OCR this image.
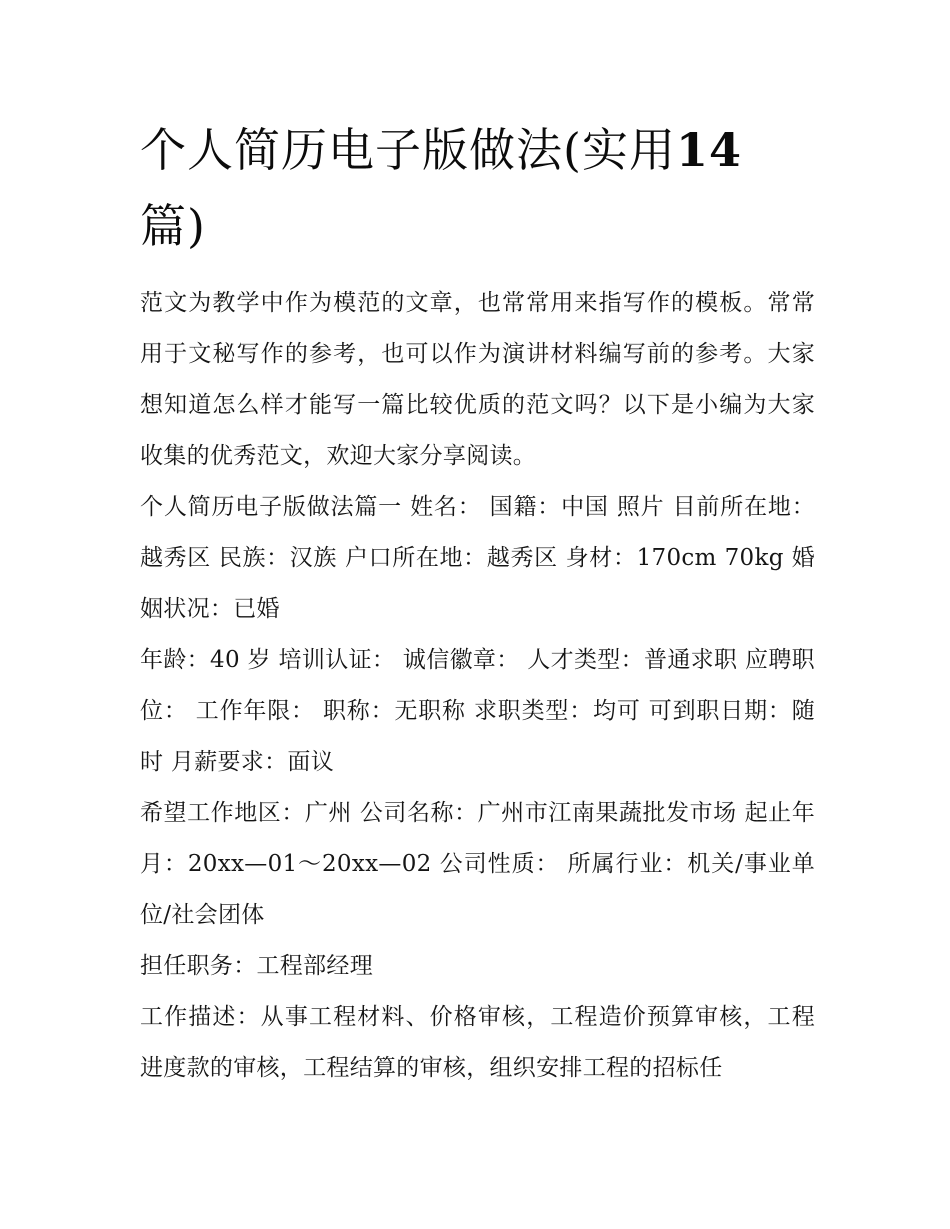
个人简历电子版做法(实用14
篇)

范文为教学中作为模范的文章，也常常用来指写作的模板。常常用于文秘写作的参考，也可以作为演讲材料编写前的参考。大家想知道怎么样才能写一篇比较优质的范文吗？以下是小编为大家收集的优秀范文，欢迎大家分享阅读。

个人简历电子版做法篇一 姓名： 国籍：中国 照片 目前所在地：越秀区 民族：汉族 户口所在地：越秀区 身材：170cm 70kg 婚姻状况：已婚

年龄：40 岁 培训认证： 诚信徽章： 人才类型：普通求职 应聘职位： 工作年限： 职称：无职称 求职类型：均可 可到职日期：随时 月薪要求：面议

希望工作地区：广州 公司名称：广州市江南果蔬批发市场 起止年月：20xx—01～20xx—02 公司性质： 所属行业：机关/事业单位/社会团体

担任职务：工程部经理

工作描述：从事工程材料、价格审核，工程造价预算审核，工程进度款的审核，工程结算的审核，组织安排工程的招标任
